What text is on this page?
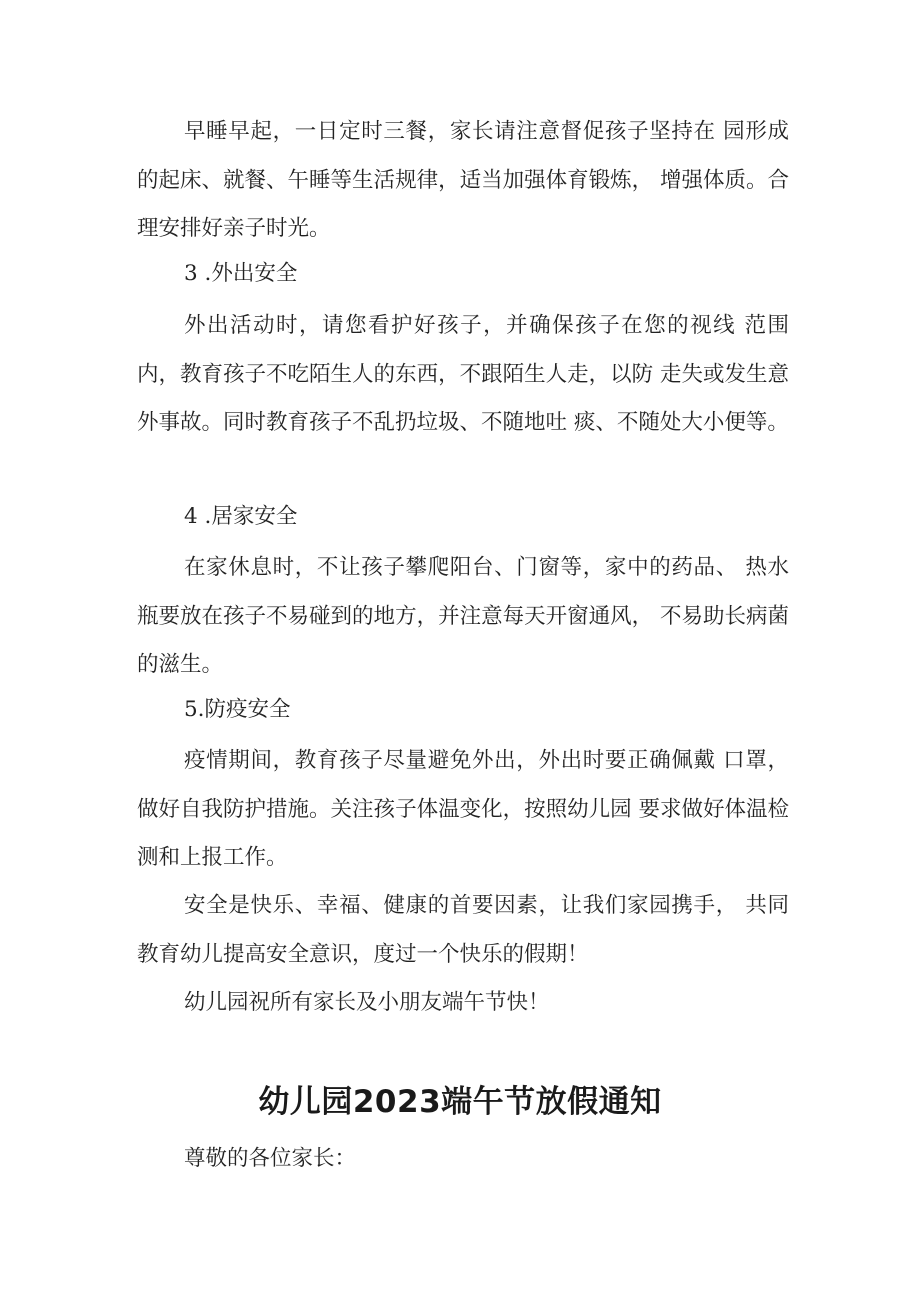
早睡早起，一日定时三餐，家长请注意督促孩子坚持在 园形成的起床、就餐、午睡等生活规律，适当加强体育锻炼， 增强体质。合理安排好亲子时光。

3 .外出安全

外出活动时，请您看护好孩子，并确保孩子在您的视线 范围内，教育孩子不吃陌生人的东西，不跟陌生人走，以防 走失或发生意外事故。同时教育孩子不乱扔垃圾、不随地吐 痰、不随处大小便等。

4 .居家安全

在家休息时，不让孩子攀爬阳台、门窗等，家中的药品、 热水瓶要放在孩子不易碰到的地方，并注意每天开窗通风， 不易助长病菌的滋生。

5.防疫安全

疫情期间，教育孩子尽量避免外出，外出时要正确佩戴 口罩，做好自我防护措施。关注孩子体温变化，按照幼儿园 要求做好体温检测和上报工作。

安全是快乐、幸福、健康的首要因素，让我们家园携手， 共同教育幼儿提高安全意识，度过一个快乐的假期！

幼儿园祝所有家长及小朋友端午节快！

幼儿园2023端午节放假通知

尊敬的各位家长：
